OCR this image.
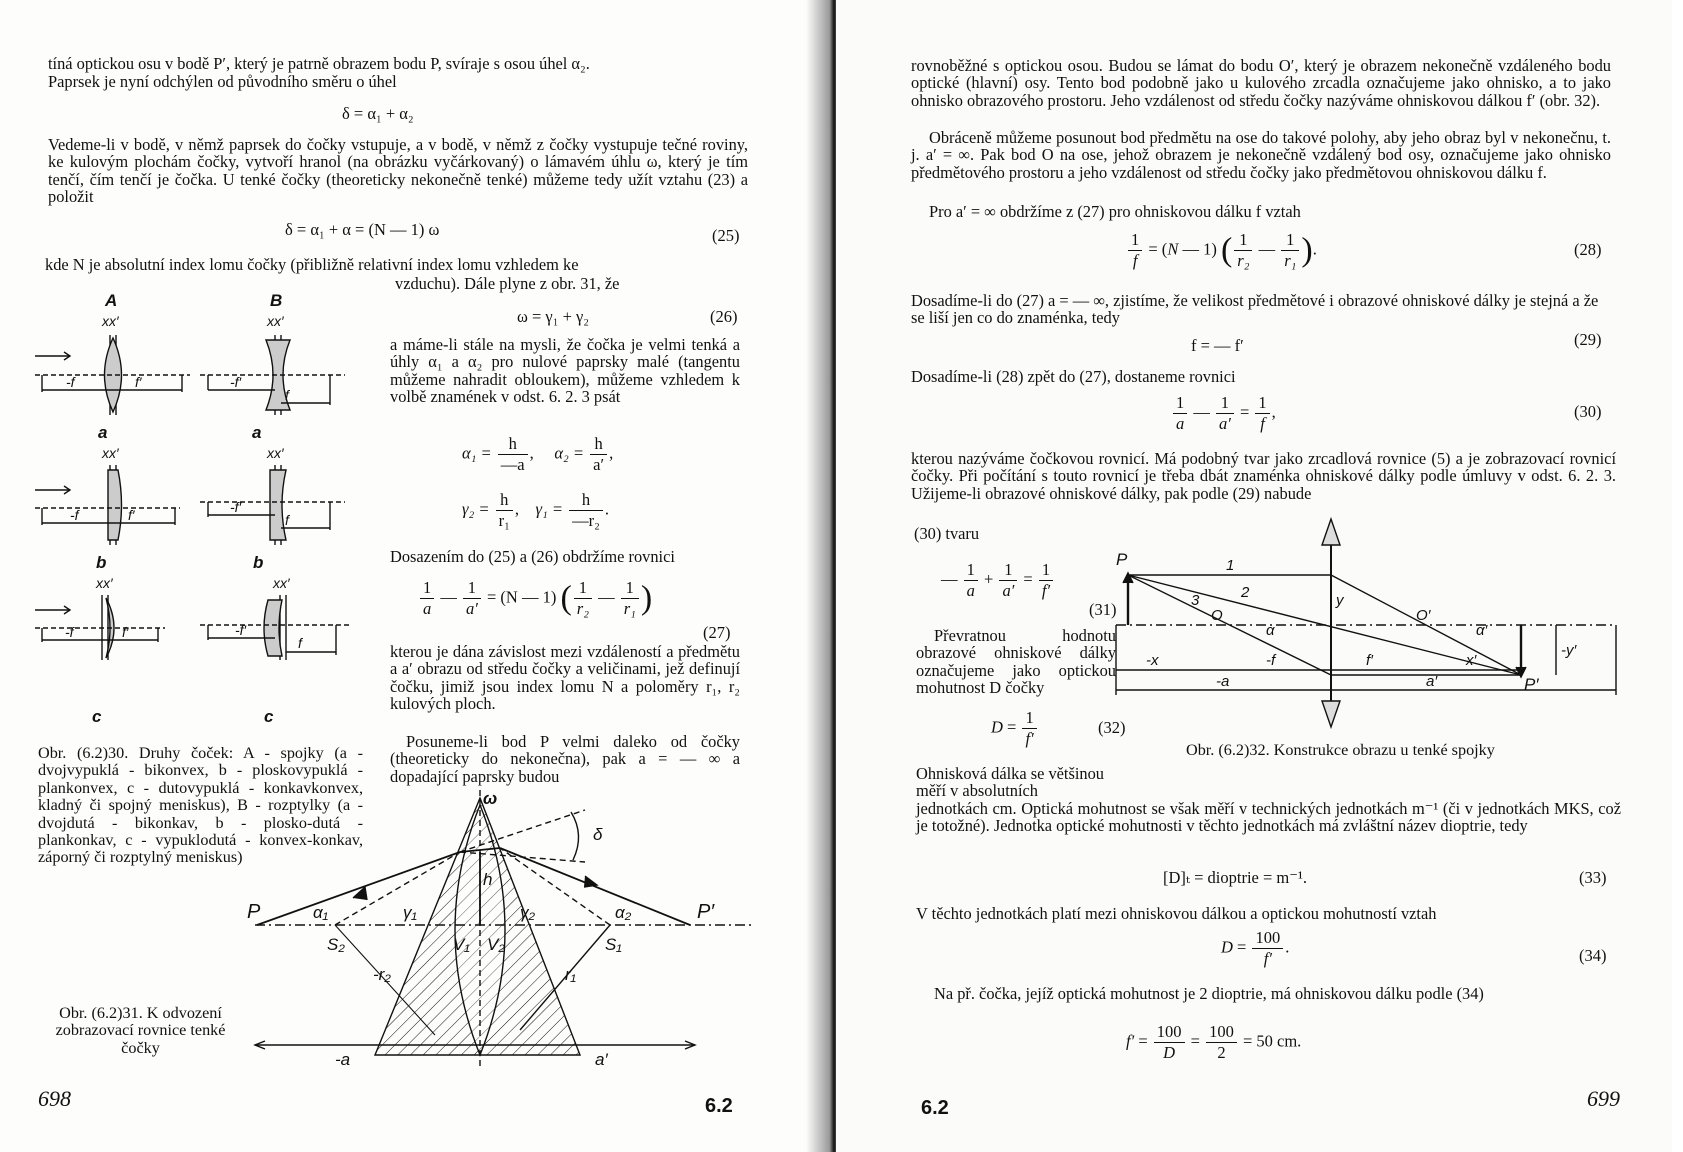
tíná optickou osu v bodě P′, který je patrně obrazem bodu P, svíraje s osou úhel α₂.

Paprsek je nyní odchýlen od původního směru o úhel

δ = α₁ + α₂

Vedeme-li v bodě, v němž paprsek do čočky vstupuje, a v bodě, v němž z čočky vystupuje tečné roviny, ke kulovým plochám čočky, vytvoří hranol (na obrázku vyčárkovaný) o lámavém úhlu ω, který je tím tenčí, čím tenčí je čočka. U tenké čočky (theoreticky nekonečně tenké) můžeme tedy užít vztahu (23) a položit

δ = α₁ + α = (N — 1) ω	(25)

kde N je absolutní index lomu čočky (přibližně relativní index lomu vzhledem ke

vzduchu). Dále plyne z obr. 31, že

ω = γ₁ + γ₂	(26)

a máme-li stále na mysli, že čočka je velmi tenká a úhly α₁ a α₂ pro nulové paprsky malé (tangentu můžeme nahradit obloukem), můžeme vzhledem k volbě znamének v odst. 6. 2. 3 psát

$\alpha_1 = \frac{h}{—a}$ ,     $\alpha_2 = \frac{h}{a'}$ ,
$\gamma_2 = \frac{h}{\text{r₁}}$ ,    $\gamma_1 = \frac{h}{\text{—r₂}}$ .

Dosazením do (25) a (26) obdržíme rovnici

$\frac{1}{a}$ — $\frac{1}{a'} = (N$ — 1) ( $\frac{1}{\text{r₂}}$ — $\frac{1}{\text{r₁}}$ )
(27)

kterou je dána závislost mezi vzdáleností a předmětu a a′ obrazu od středu čočky a veličinami, jež definují čočku, jimiž jsou index lomu N a poloměry r₁, r₂ kulových ploch.

Posuneme-li bod P velmi daleko od čočky (theoreticky do nekonečna), pak a = — ∞ a dopadající paprsky budou

A	B
xx′	xx′
-f	f′	-f′
f
a	a
xx′	xx′
-f	f′	-f′
f
b	b
xx′	xx′
-f	f′	-f′
f
c	c

Obr. (6.2)30. Druhy čoček: A - spojky (a - dvojvypuklá - bikonvex, b - ploskovypuklá - plankonvex, c - dutovypuklá - konkavkonvex, kladný či spojný meniskus), B - rozptylky (a - dvojdutá - bikonkav, b - plosko-dutá - plankonkav, c - vypuklodutá - konvex-konkav, záporný či rozptylný meniskus)

Obr. (6.2)31. K odvození zobrazovací rovnice tenké čočky

ω
δ
P	P′
S₂	S₁
V₁ V₂
h
α₁	α₂
γ₁	γ₂
-r₂	r₁
-a	a′
698	6.2

rovnoběžné s optickou osou. Budou se lámat do bodu O′, který je obrazem nekonečně vzdáleného bodu optické (hlavní) osy. Tento bod podobně jako u kulového zrcadla označujeme jako ohnisko, a to jako ohnisko obrazového prostoru. Jeho vzdálenost od středu čočky nazýváme ohniskovou dálkou f′ (obr. 32).

Obráceně můžeme posunout bod předmětu na ose do takové polohy, aby jeho obraz byl v nekonečnu, t. j. a′ = ∞. Pak bod O na ose, jehož obrazem je nekonečně vzdálený bod osy, označujeme jako ohnisko předmětového prostoru a jeho vzdálenost od středu čočky jako předmětovou ohniskovou dálku f.

Pro a′ = ∞ obdržíme z (27) pro ohniskovou dálku f vztah

$\frac{1}{f} = (N$ — 1) ( $\frac{1}{\text{r₂}}$ — $\frac{1}{\text{r₁}}$ ).	(28)

Dosadíme-li do (27) a = — ∞, zjistíme, že velikost předmětové i obrazové ohniskové dálky je stejná a že se liší jen co do znaménka, tedy

f = — f′	(29)

Dosadíme-li (28) zpět do (27), dostaneme rovnici

$\frac{1}{a}$ — $\frac{1}{a'} = \frac{1}{f}$ ,	(30)

kterou nazýváme čočkovou rovnicí. Má podobný tvar jako zrcadlová rovnice (5) a je zobrazovací rovnicí čočky. Při počítání s touto rovnicí je třeba dbát znaménka ohniskové dálky podle úmluvy v odst. 6. 2. 3. Užijeme-li obrazové ohniskové dálky, pak podle (29) nabude

(30) tvaru

— $\frac{1}{a} + \frac{1}{a'} = \frac{1}{f'}$
(31)

Převratnou hodnotu obrazové ohniskové dálky označujeme jako optickou mohutnost D čočky

$D = \frac{1}{f'}$	(32)
P
P′
O	O′
y
-y′
1
2
3
α	α′
-x	-f	f′	x′
-a	a′

Obr. (6.2)32. Konstrukce obrazu u tenké spojky

Ohnisková dálka se většinou měří v absolutních

jednotkách cm. Optická mohutnost se však měří v technických jednotkách m⁻¹ (či v jednotkách MKS, což je totožné). Jednotka optické mohutnosti v těchto jednotkách má zvláštní název dioptrie, tedy

[D]ₜ = dioptrie = m⁻¹.	(33)

V těchto jednotkách platí mezi ohniskovou dálkou a optickou mohutností vztah

$D = \frac{100}{f'}$ .	(34)

Na př. čočka, jejíž optická mohutnost je 2 dioptrie, má ohniskovou dálku podle (34)

$f' = \frac{100}{D} = \frac{100}{2} = 50$ cm.
6.2	699
